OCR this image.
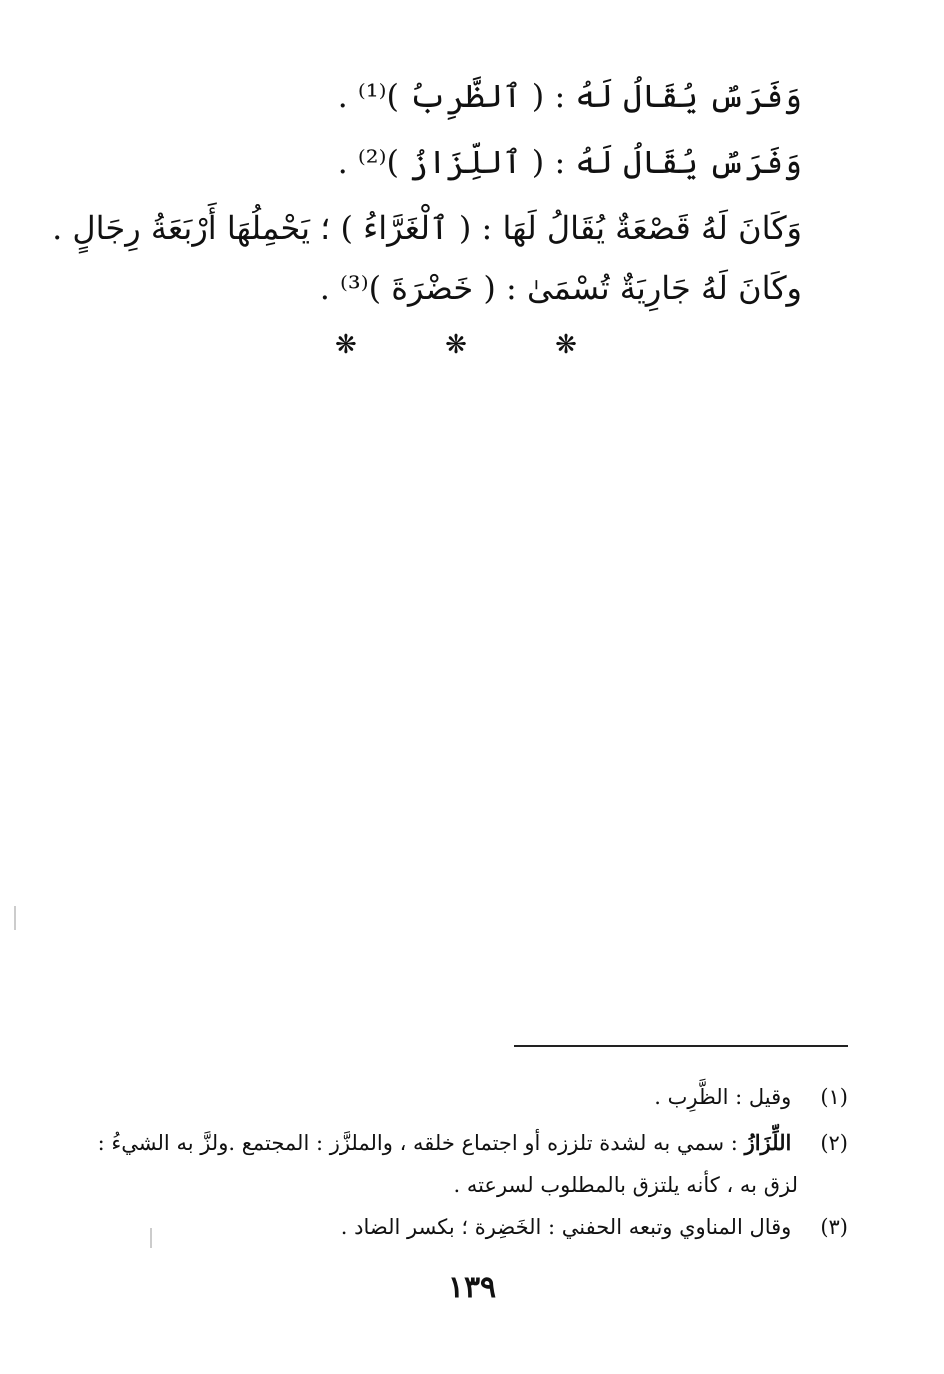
وَفَرَسٌ يُقَالُ لَهُ : ( ٱلظَّرِبُ )⁽¹⁾ .
وَفَرَسٌ يُقَالُ لَهُ : ( ٱللِّزَازُ )⁽²⁾ .
وَكَانَ لَهُ قَصْعَةٌ يُقَالُ لَهَا : ( ٱلْغَرَّاءُ ) ؛ يَحْمِلُهَا أَرْبَعَةُ رِجَالٍ .
وكَانَ لَهُ جَارِيَةٌ تُسْمَىٰ : ( خَضْرَةَ )⁽³⁾ .
❋ ❋ ❋
(١) وقيل : الظَّرِب .
(٢) اللِّزَازُ : سمي به لشدة تلززه أو اجتماع خلقه ، والملزَّز : المجتمع .ولزَّ به الشيءُ :
لزق به ، كأنه يلتزق بالمطلوب لسرعته .
(٣) وقال المناوي وتبعه الحفني : الخَضِرة ؛ بكسر الضاد .
١٣٩
